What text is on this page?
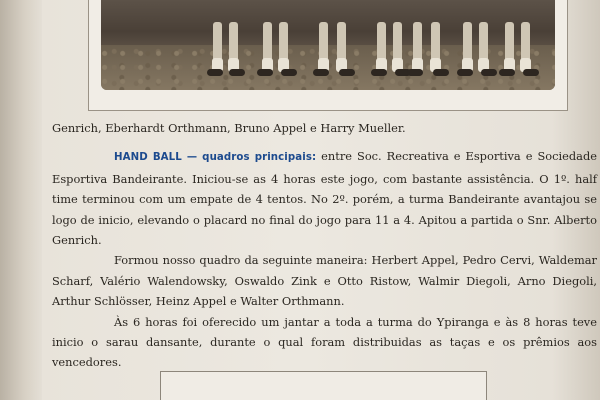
Genrich, Eberhardt Orthmann, Bruno Appel e Harry Mueller.

HAND BALL — quadros principais: entre Soc. Recreativa e Esportiva e Sociedade Esportiva Bandeirante. Iniciou-se as 4 horas este jogo, com bastante assistência. O 1º. half time terminou com um empate de 4 tentos. No 2º. porém, a turma Bandeirante avantajou se logo de inicio, elevando o placard no final do jogo para 11 a 4. Apitou a partida o Snr. Alberto Genrich.

Formou nosso quadro da seguinte maneira: Herbert Appel, Pedro Cervi, Waldemar Scharf, Valério Walendowsky, Oswaldo Zink e Otto Ristow, Walmir Diegoli, Arno Diegoli, Arthur Schlösser, Heinz Appel e Walter Orthmann.

Às 6 horas foi oferecido um jantar a toda a turma do Ypiranga e às 8 horas teve inicio o sarau dansante, durante o qual foram distribuidas as taças e os prêmios aos vencedores.
